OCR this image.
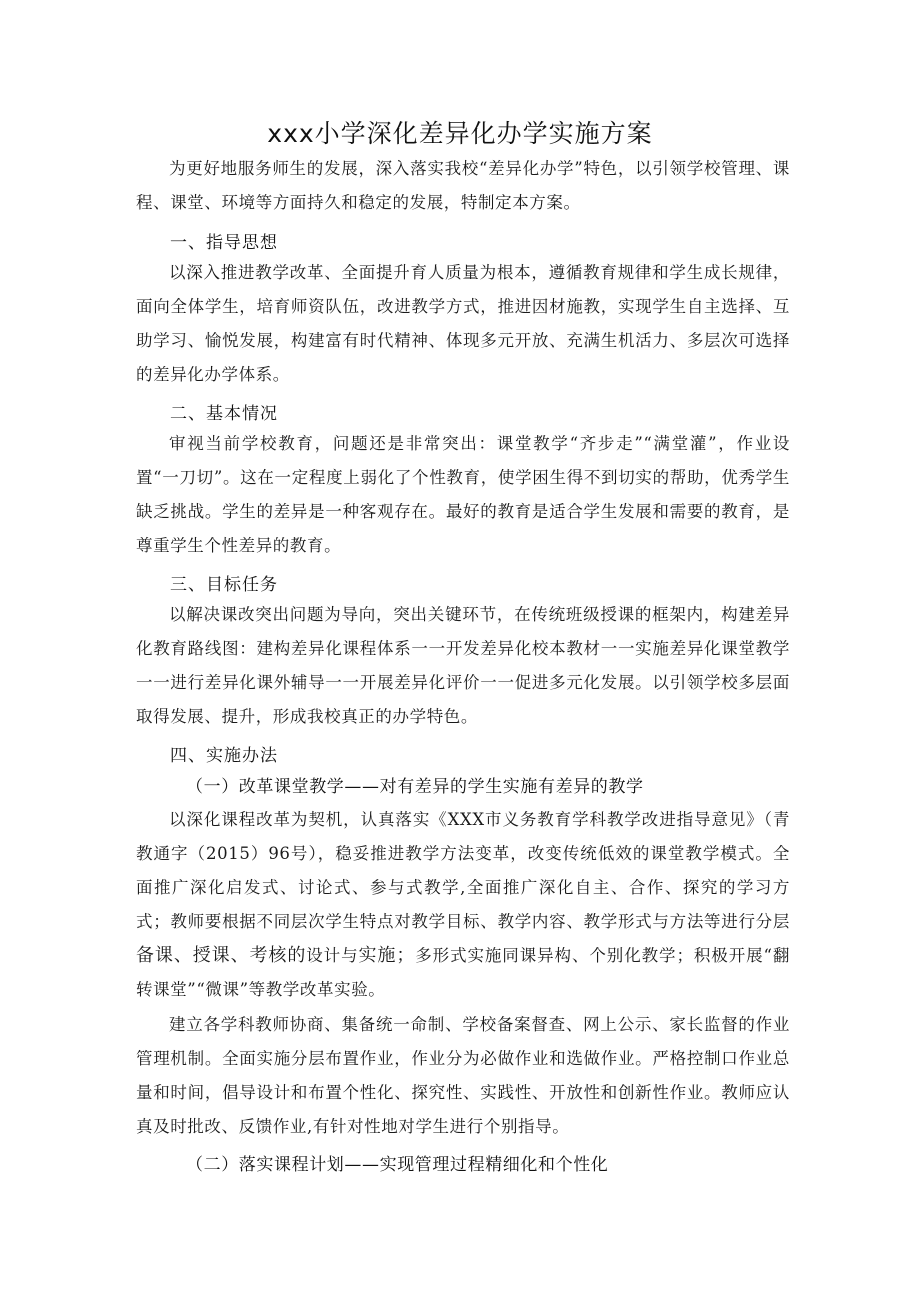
xxx小学深化差异化办学实施方案
为更好地服务师生的发展，深入落实我校“差异化办学”特色，以引领学校管理、课程、课堂、环境等方面持久和稳定的发展，特制定本方案。
一、指导思想
以深入推进教学改革、全面提升育人质量为根本，遵循教育规律和学生成长规律，面向全体学生，培育师资队伍，改进教学方式，推进因材施教，实现学生自主选择、互助学习、愉悦发展，构建富有时代精神、体现多元开放、充满生机活力、多层次可选择的差异化办学体系。
二、基本情况
审视当前学校教育，问题还是非常突出：课堂教学“齐步走”“满堂灌”，作业设置“一刀切”。这在一定程度上弱化了个性教育，使学困生得不到切实的帮助，优秀学生缺乏挑战。学生的差异是一种客观存在。最好的教育是适合学生发展和需要的教育，是尊重学生个性差异的教育。
三、目标任务
以解决课改突出问题为导向，突出关键环节，在传统班级授课的框架内，构建差异化教育路线图：建构差异化课程体系一一开发差异化校本教材一一实施差异化课堂教学一一进行差异化课外辅导一一开展差异化评价一一促进多元化发展。以引领学校多层面取得发展、提升，形成我校真正的办学特色。
四、实施办法
（一）改革课堂教学——对有差异的学生实施有差异的教学
以深化课程改革为契机，认真落实《XXX市义务教育学科教学改进指导意见》（青教通字（2015）96号），稳妥推进教学方法变革，改变传统低效的课堂教学模式。全面推广深化启发式、讨论式、参与式教学,全面推广深化自主、合作、探究的学习方式；教师要根据不同层次学生特点对教学目标、教学内容、教学形式与方法等进行分层备课、授课、考核的设计与实施；多形式实施同课异构、个别化教学；积极开展“翻转课堂”“微课”等教学改革实验。
建立各学科教师协商、集备统一命制、学校备案督查、网上公示、家长监督的作业管理机制。全面实施分层布置作业，作业分为必做作业和选做作业。严格控制口作业总量和时间，倡导设计和布置个性化、探究性、实践性、开放性和创新性作业。教师应认真及时批改、反馈作业,有针对性地对学生进行个别指导。
（二）落实课程计划——实现管理过程精细化和个性化
